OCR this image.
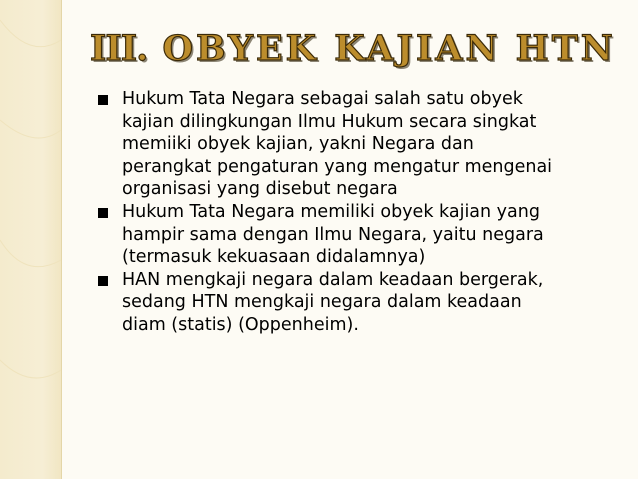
III. OBYEK KAJIAN HTN
Hukum Tata Negara sebagai salah satu obyek
kajian dilingkungan Ilmu Hukum secara singkat
memiiki obyek kajian, yakni Negara dan
perangkat pengaturan yang mengatur mengenai
organisasi yang disebut negara
Hukum Tata Negara memiliki obyek kajian yang
hampir sama dengan Ilmu Negara, yaitu negara
(termasuk kekuasaan didalamnya)
HAN mengkaji negara dalam keadaan bergerak,
sedang HTN mengkaji negara dalam keadaan
diam (statis) (Oppenheim).
